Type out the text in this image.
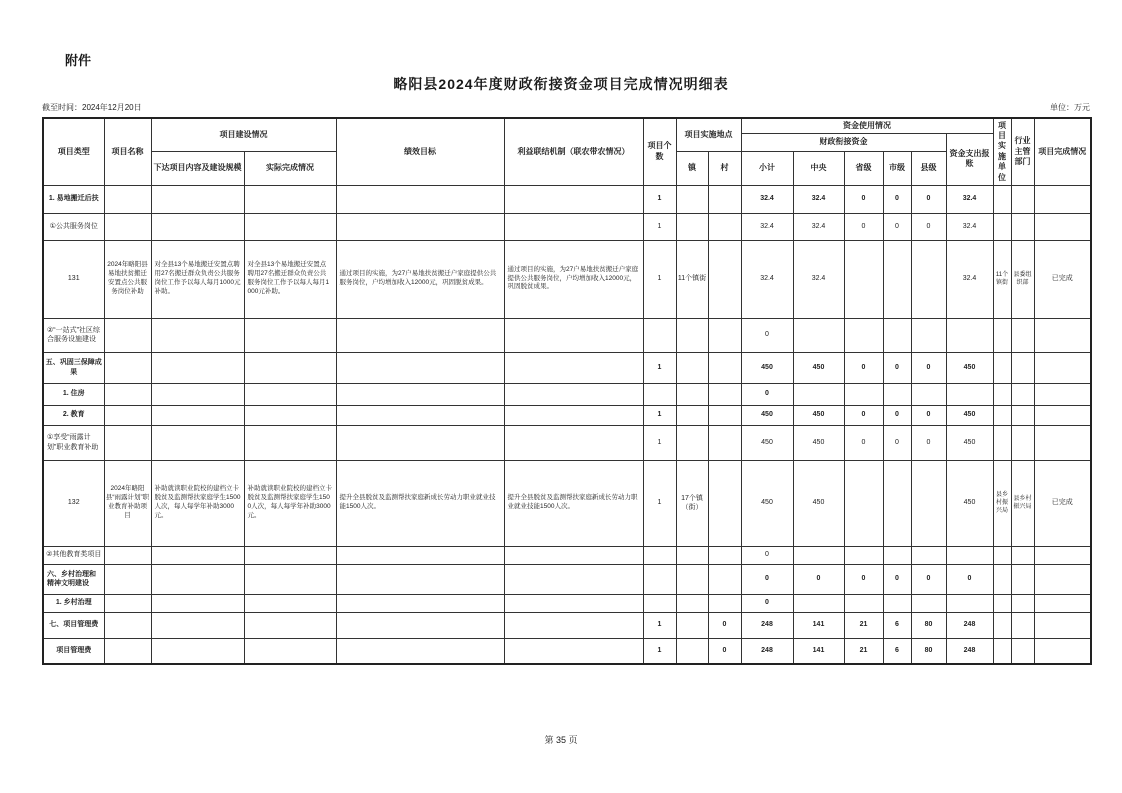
附件
略阳县2024年度财政衔接资金项目完成情况明细表
截至时间：2024年12月20日	单位：万元
项目类型	项目名称	项目建设情况		绩效目标	利益联结机制（联农带农情况）	项目个数	项目实施地点		资金使用情况						项目实施单位	行业主管部门	项目完成情况
									财政衔接资金					资金支出报账			
		下达项目内容及建设规模	实际完成情况				镇	村	小计	中央	省级	市级	县级				
1. 易地搬迁后扶						1			32.4	32.4	0	0	0	32.4			
①公共服务岗位						1			32.4	32.4	0	0	0	32.4			
131	2024年略阳县易地扶贫搬迁安置点公共服务岗位补助	对全县13个易地搬迁安置点聘用27名搬迁群众负责公共服务岗位工作予以每人每月1000元补助。	对全县13个易地搬迁安置点聘用27名搬迁群众负责公共服务岗位工作予以每人每月1000元补助。	通过项目的实施，为27户易地扶贫搬迁户家庭提供公共服务岗位，户均增加收入12000元，巩固脱贫成果。	通过项目的实施，为27户易地扶贫搬迁户家庭提供公共服务岗位，户均增加收入12000元，巩固脱贫成果。	1	11个镇街		32.4	32.4				32.4	11个镇街	县委组织部	已完成
②“一站式”社区综合服务设施建设									0								
五、巩固三保障成果						1			450	450	0	0	0	450			
1. 住房									0								
2. 教育						1			450	450	0	0	0	450			
①享受“雨露计划”职业教育补助						1			450	450	0	0	0	450			
132	2024年略阳县“雨露计划”职业教育补助项目	补助就读职业院校的建档立卡脱贫及监测帮扶家庭学生1500人次，每人每学年补助3000元。	补助就读职业院校的建档立卡脱贫及监测帮扶家庭学生1500人次，每人每学年补助3000元。	提升全县脱贫及监测帮扶家庭新成长劳动力职业就业技能1500人次。	提升全县脱贫及监测帮扶家庭新成长劳动力职业就业技能1500人次。	1	17个镇（街）		450	450				450	县乡村振兴局	县乡村振兴局	已完成
②其他教育类项目									0								
六、乡村治理和精神文明建设									0	0	0	0	0	0			
1. 乡村治理									0								
七、项目管理费						1		0	248	141	21	6	80	248			
项目管理费						1		0	248	141	21	6	80	248			
第 35 页
